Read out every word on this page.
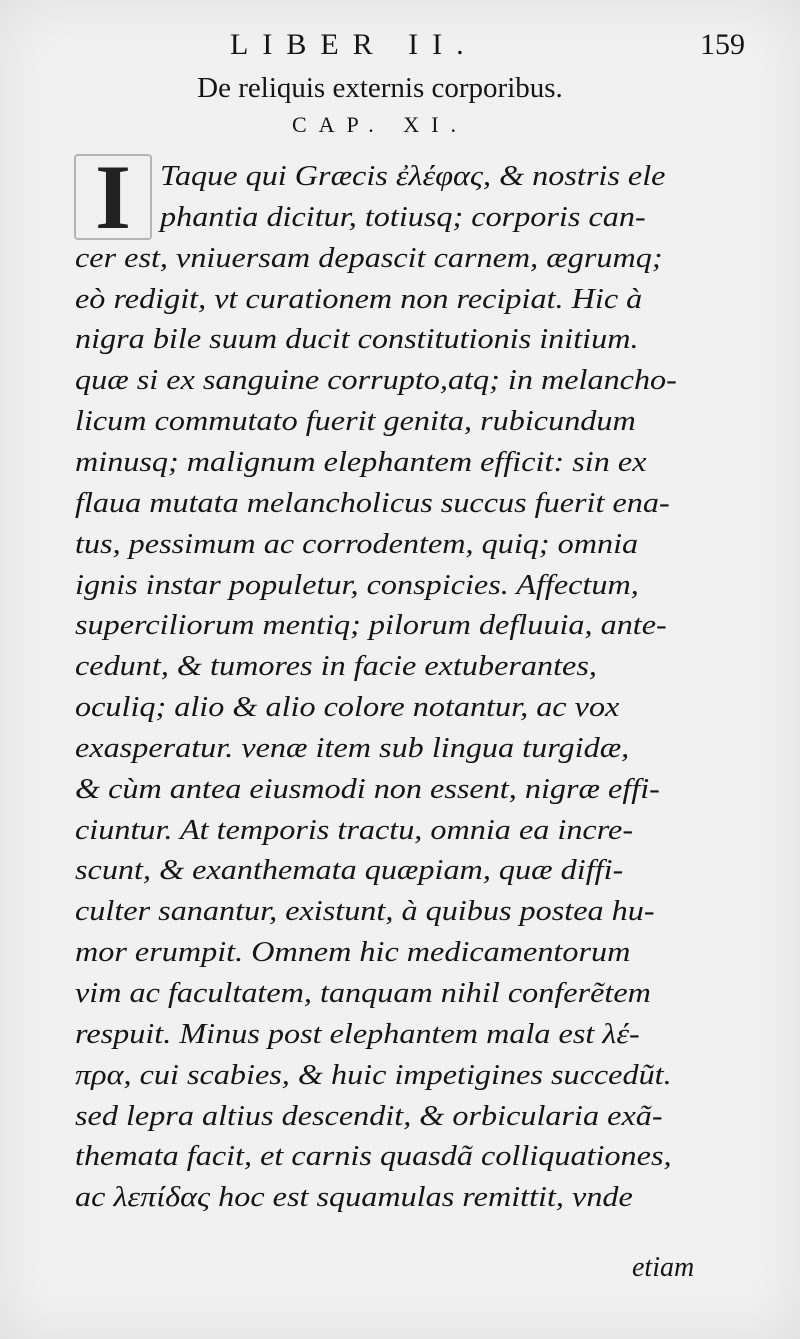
LIBER II.	159
De reliquis externis corporibus.
CAP. XI.
I	Taque qui Græcis ἐλέφας, & nostris ele
phantia dicitur, totiusq; corporis can-
cer est, vniuersam depascit carnem, ægrumq;
eò redigit, vt curationem non recipiat. Hic à
nigra bile suum ducit constitutionis initium.
quæ si ex sanguine corrupto,atq; in melancho-
licum commutato fuerit genita, rubicundum
minusq; malignum elephantem efficit: sin ex
flaua mutata melancholicus succus fuerit ena-
tus, pessimum ac corrodentem, quiq; omnia
ignis instar populetur, conspicies. Affectum,
superciliorum mentiq; pilorum defluuia, ante-
cedunt, & tumores in facie extuberantes,
oculiq; alio & alio colore notantur, ac vox
exasperatur. venæ item sub lingua turgidæ,
& cùm antea eiusmodi non essent, nigræ effi-
ciuntur. At temporis tractu, omnia ea incre-
scunt, & exanthemata quæpiam, quæ diffi-
culter sanantur, existunt, à quibus postea hu-
mor erumpit. Omnem hic medicamentorum
vim ac facultatem, tanquam nihil conferẽtem
respuit. Minus post elephantem mala est λέ-
πρα, cui scabies, & huic impetigines succedũt.
sed lepra altius descendit, & orbicularia exã-
themata facit, et carnis quasdã colliquationes,
ac λεπίδας hoc est squamulas remittit, vnde
etiam
